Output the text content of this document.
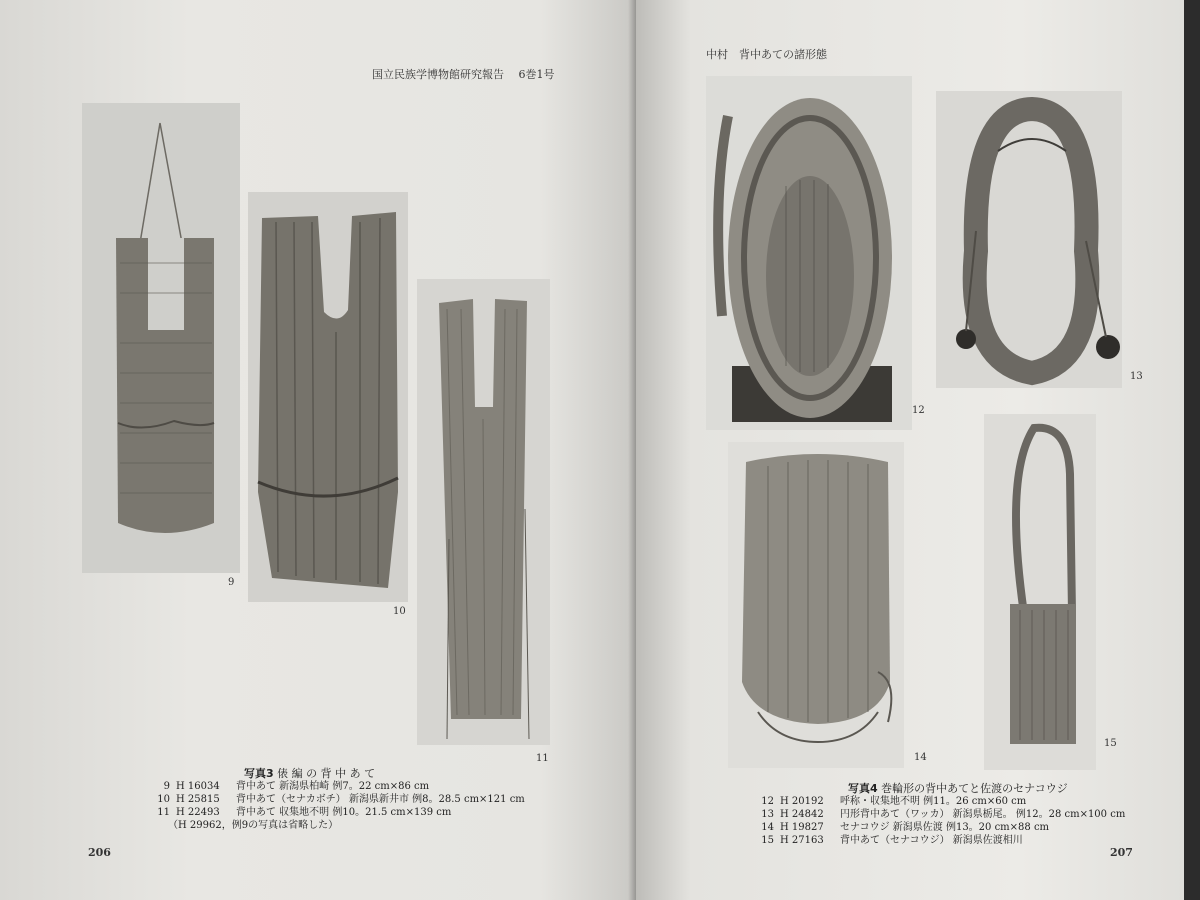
国立民族学博物館研究報告　 6巻1号
9
10
11
写真3 俵 編 の 背 中 あ て
9 H 16034 背中あて 新潟県柏崎 例7。22 cm×86 cm
10 H 25815 背中あて（セナカボチ） 新潟県新井市 例8。28.5 cm×121 cm
11 H 22493 背中あて 収集地不明 例10。21.5 cm×139 cm
（H 29962，例9の写真は省略した）
206
中村　背中あての諸形態
12
13
14
15
写真4 巻輪形の背中あてと佐渡のセナコウジ
12 H 20192 呼称・収集地不明 例11。26 cm×60 cm
13 H 24842 円形背中あて（ワッカ） 新潟県栃尾。 例12。28 cm×100 cm
14 H 19827 セナコウジ 新潟県佐渡 例13。20 cm×88 cm
15 H 27163 背中あて（セナコウジ） 新潟県佐渡相川
207
